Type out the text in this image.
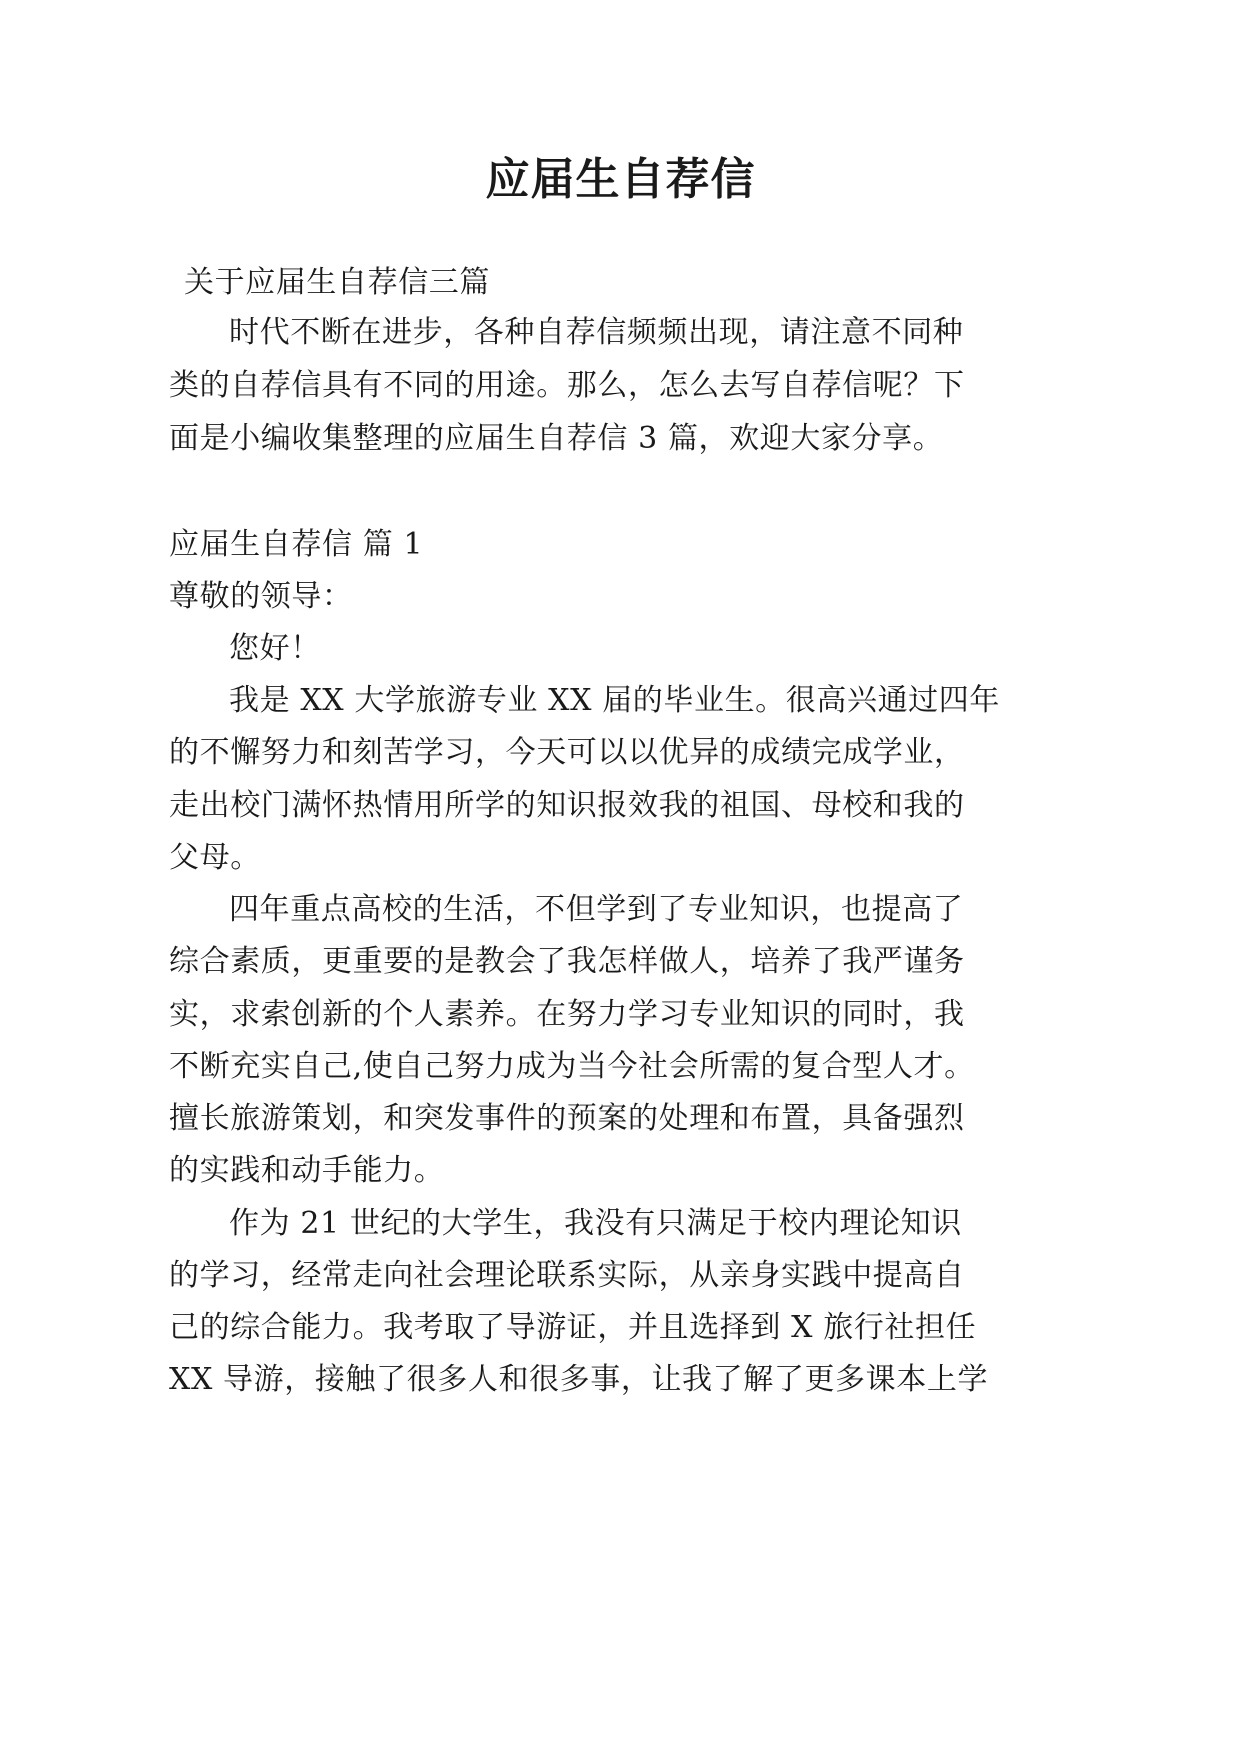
应届生自荐信
关于应届生自荐信三篇
时代不断在进步，各种自荐信频频出现，请注意不同种
类的自荐信具有不同的用途。那么，怎么去写自荐信呢？下
面是小编收集整理的应届生自荐信 3 篇，欢迎大家分享。
应届生自荐信 篇 1
尊敬的领导：
您好！
我是 XX 大学旅游专业 XX 届的毕业生。很高兴通过四年
的不懈努力和刻苦学习，今天可以以优异的成绩完成学业，
走出校门满怀热情用所学的知识报效我的祖国、母校和我的
父母。
四年重点高校的生活，不但学到了专业知识，也提高了
综合素质，更重要的是教会了我怎样做人，培养了我严谨务
实，求索创新的个人素养。在努力学习专业知识的同时，我
不断充实自己,使自己努力成为当今社会所需的复合型人才。
擅长旅游策划，和突发事件的预案的处理和布置，具备强烈
的实践和动手能力。
作为 21 世纪的大学生，我没有只满足于校内理论知识
的学习，经常走向社会理论联系实际，从亲身实践中提高自
己的综合能力。我考取了导游证，并且选择到 X 旅行社担任
XX 导游，接触了很多人和很多事，让我了解了更多课本上学
